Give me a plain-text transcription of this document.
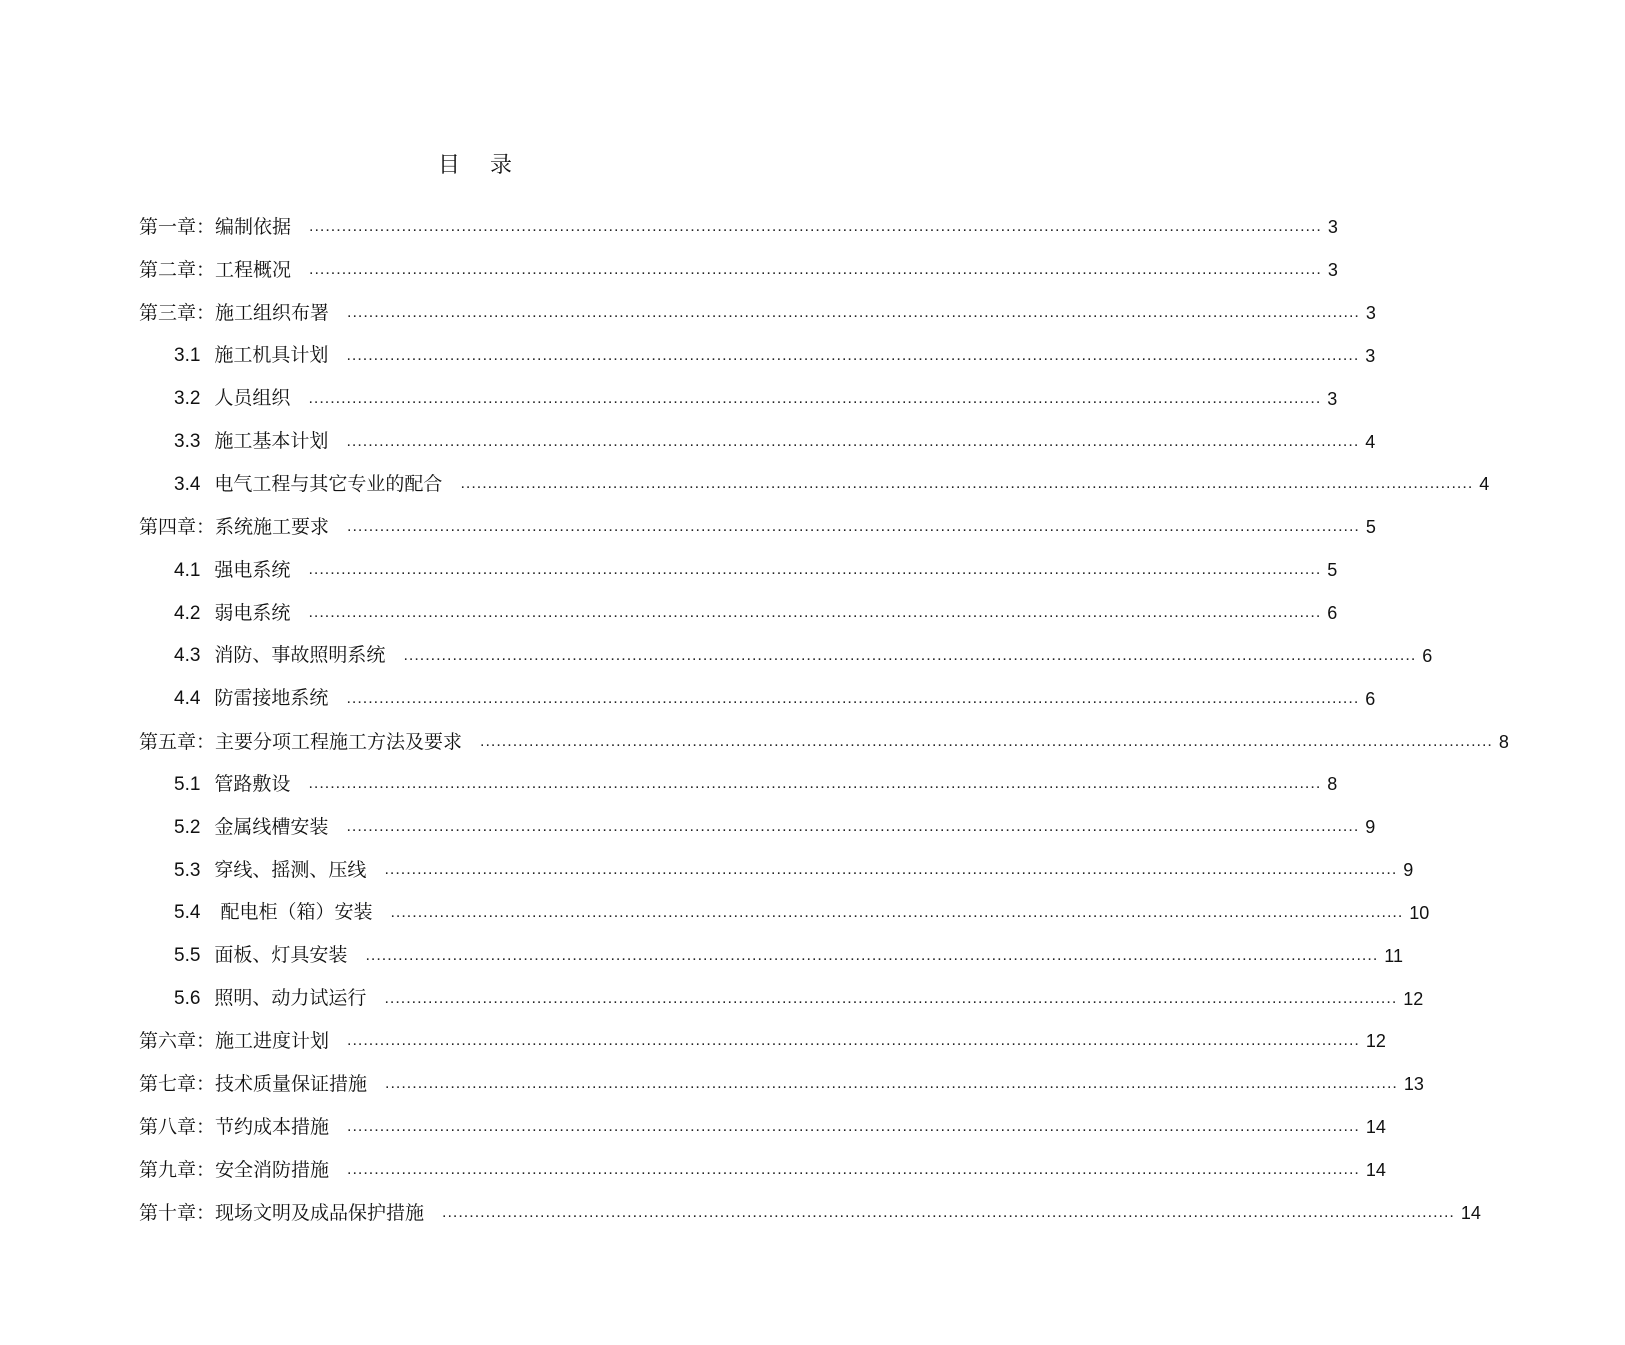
目 录
第一章：编制依据 .......................................................................................................................................................................................... 3
第二章：工程概况 .......................................................................................................................................................................................... 3
第三章：施工组织布署 .......................................................................................................................................................................................... 3
3.1 施工机具计划 .......................................................................................................................................................................................... 3
3.2 人员组织 .......................................................................................................................................................................................... 3
3.3 施工基本计划 .......................................................................................................................................................................................... 4
3.4 电气工程与其它专业的配合 .......................................................................................................................................................................................... 4
第四章：系统施工要求 .......................................................................................................................................................................................... 5
4.1 强电系统 .......................................................................................................................................................................................... 5
4.2 弱电系统 .......................................................................................................................................................................................... 6
4.3 消防、事故照明系统 .......................................................................................................................................................................................... 6
4.4 防雷接地系统 .......................................................................................................................................................................................... 6
第五章：主要分项工程施工方法及要求 .......................................................................................................................................................................................... 8
5.1 管路敷设 .......................................................................................................................................................................................... 8
5.2 金属线槽安装 .......................................................................................................................................................................................... 9
5.3 穿线、摇测、压线 .......................................................................................................................................................................................... 9
5.4 配电柜（箱）安装 .......................................................................................................................................................................................... 10
5.5 面板、灯具安装 .......................................................................................................................................................................................... 11
5.6 照明、动力试运行 .......................................................................................................................................................................................... 12
第六章：施工进度计划 .......................................................................................................................................................................................... 12
第七章：技术质量保证措施 .......................................................................................................................................................................................... 13
第八章：节约成本措施 .......................................................................................................................................................................................... 14
第九章：安全消防措施 .......................................................................................................................................................................................... 14
第十章：现场文明及成品保护措施 .......................................................................................................................................................................................... 14
